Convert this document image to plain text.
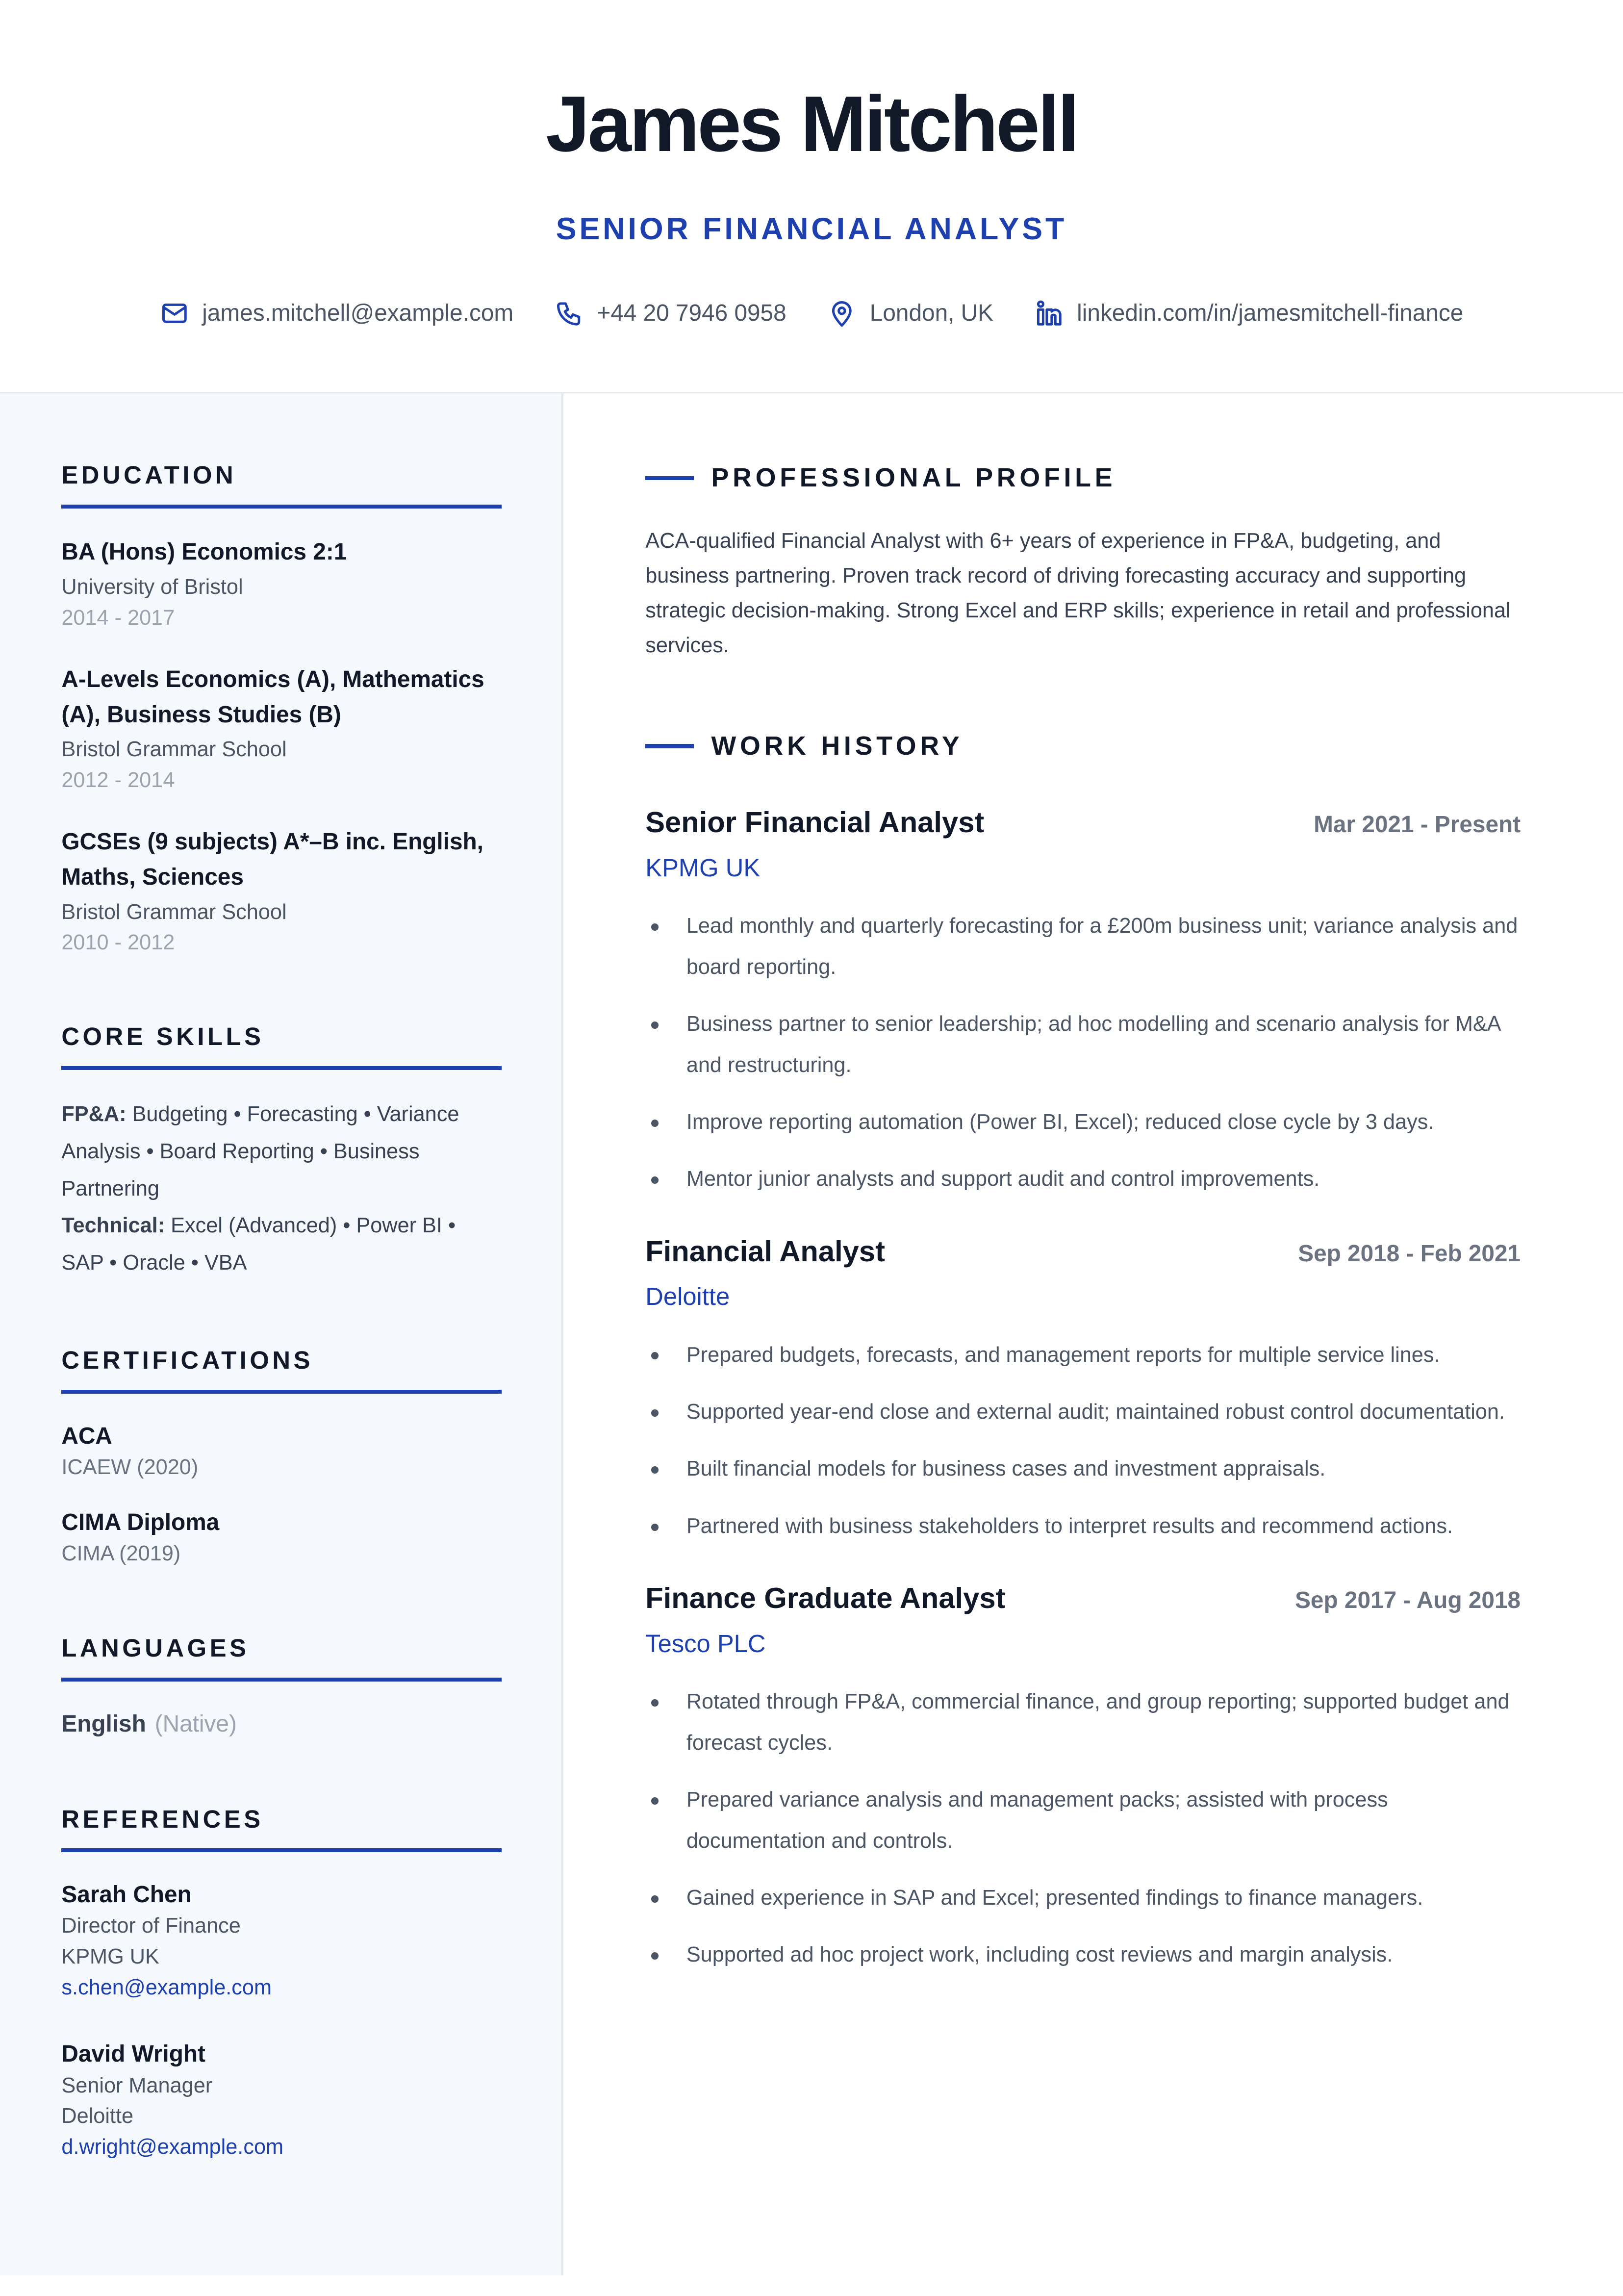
James Mitchell
SENIOR FINANCIAL ANALYST
james.mitchell@example.com	+44 20 7946 0958	London, UK	linkedin.com/in/jamesmitchell-finance
EDUCATION
BA (Hons) Economics 2:1
University of Bristol
2014 - 2017
A-Levels Economics (A), Mathematics (A), Business Studies (B)
Bristol Grammar School
2012 - 2014
GCSEs (9 subjects) A*–B inc. English, Maths, Sciences
Bristol Grammar School
2010 - 2012
CORE SKILLS
FP&A: Budgeting • Forecasting • Variance Analysis • Board Reporting • Business Partnering
Technical: Excel (Advanced) • Power BI • SAP • Oracle • VBA
CERTIFICATIONS
ACA
ICAEW (2020)
CIMA Diploma
CIMA (2019)
LANGUAGES
English (Native)
REFERENCES
Sarah Chen
Director of Finance
KPMG UK
s.chen@example.com
David Wright
Senior Manager
Deloitte
d.wright@example.com
PROFESSIONAL PROFILE

ACA-qualified Financial Analyst with 6+ years of experience in FP&A, budgeting, and business partnering. Proven track record of driving forecasting accuracy and supporting strategic decision-making. Strong Excel and ERP skills; experience in retail and professional services.

WORK HISTORY
Senior Financial Analyst	Mar 2021 - Present
KPMG UK
Lead monthly and quarterly forecasting for a £200m business unit; variance analysis and board reporting.
Business partner to senior leadership; ad hoc modelling and scenario analysis for M&A and restructuring.
Improve reporting automation (Power BI, Excel); reduced close cycle by 3 days.
Mentor junior analysts and support audit and control improvements.
Financial Analyst	Sep 2018 - Feb 2021
Deloitte
Prepared budgets, forecasts, and management reports for multiple service lines.
Supported year-end close and external audit; maintained robust control documentation.
Built financial models for business cases and investment appraisals.
Partnered with business stakeholders to interpret results and recommend actions.
Finance Graduate Analyst	Sep 2017 - Aug 2018
Tesco PLC
Rotated through FP&A, commercial finance, and group reporting; supported budget and forecast cycles.
Prepared variance analysis and management packs; assisted with process documentation and controls.
Gained experience in SAP and Excel; presented findings to finance managers.
Supported ad hoc project work, including cost reviews and margin analysis.
